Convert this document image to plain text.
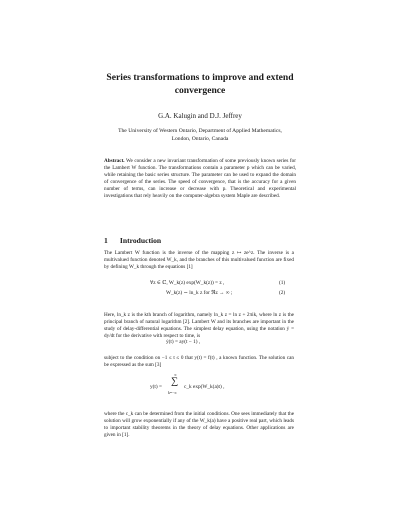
Series transformations to improve and extend
convergence
G.A. Kalugin and D.J. Jeffrey
The University of Western Ontario, Department of Applied Mathematics,
London, Ontario, Canada
Abstract. We consider a new invariant transformation of some previously known series for the Lambert W function. The transformations contain a parameter p which can be varied, while retaining the basic series structure. The parameter can be used to expand the domain of convergence of the series. The speed of convergence, that is the accuracy for a given number of terms, can increase or decrease with p. Theoretical and experimental investigations that rely heavily on the computer-algebra system Maple are described.
1 Introduction
The Lambert W function is the inverse of the mapping z ↦ ze^z. The inverse is a multivalued function denoted W_k, and the branches of this multivalued function are fixed by defining W_k through the equations [1]
∀z ∈ ℂ, W_k(z) exp(W_k(z)) = z ,	(1)
W_k(z) ∼ ln_k z for ℜz → ∞ ;	(2)
Here, ln_k z is the kth branch of logarithm, namely ln_k z = ln z + 2πik, where ln z is the principal branch of natural logarithm [2]. Lambert W and its branches are important in the study of delay-differential equations. The simplest delay equation, using the notation ẏ = dy/dt for the derivative with respect to time, is
ẏ(t) = ay(t − 1) ,
subject to the condition on −1 ≤ t ≤ 0 that y(t) = f(t) , a known function. The solution can be expressed as the sum [3]
y(t) =
∞
∑
k=−∞
c_k exp(W_k(a)t) ,
where the c_k can be determined from the initial conditions. One sees immediately that the solution will grow exponentially if any of the W_k(a) have a positive real part, which leads to important stability theorems in the theory of delay equations. Other applications are given in [1].
